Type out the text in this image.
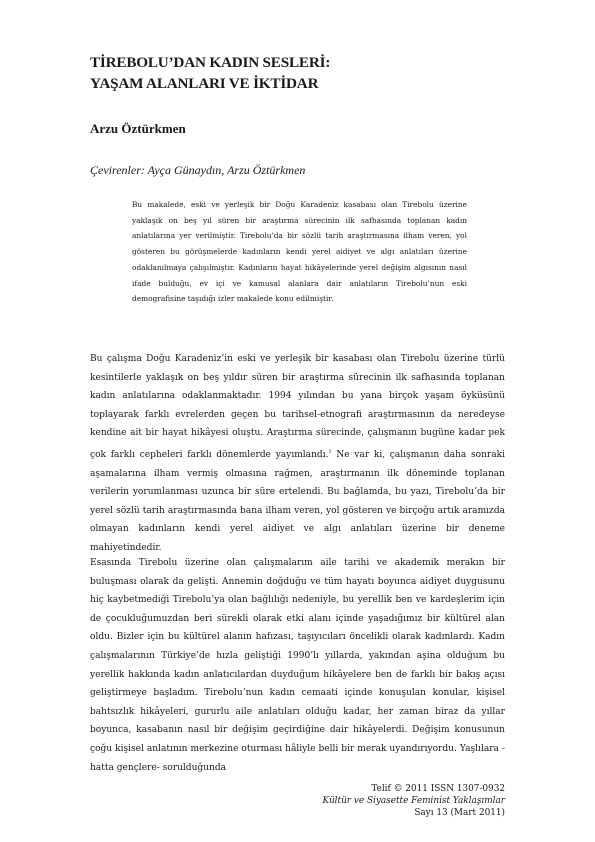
TİREBOLU’DAN KADIN SESLERİ:
YAŞAM ALANLARI VE İKTİDAR
Arzu Öztürkmen
Çevirenler: Ayça Günaydın, Arzu Öztürkmen

Bu makalede, eski ve yerleşik bir Doğu Karadeniz kasabası olan Tirebolu üzerine yaklaşık on beş yıl süren bir araştırma sürecinin ilk safhasında toplanan kadın anlatılarına yer verilmiştir. Tirebolu’da bir sözlü tarih araştırmasına ilham veren, yol gösteren bu görüşmelerde kadınların kendi yerel aidiyet ve algı anlatıları üzerine odaklanılmaya çalışılmıştır. Kadınların hayat hikâyelerinde yerel değişim algısının nasıl ifade bulduğu, ev içi ve kamusal alanlara dair anlatıların Tirebolu’nun eski demografisine taşıdığı izler makalede konu edilmiştir.

Bu çalışma Doğu Karadeniz’in eski ve yerleşik bir kasabası olan Tirebolu üzerine türlü kesintilerle yaklaşık on beş yıldır süren bir araştırma sürecinin ilk safhasında toplanan kadın anlatılarına odaklanmaktadır. 1994 yılından bu yana birçok yaşam öyküsünü toplayarak farklı evrelerden geçen bu tarihsel-etnografi araştırmasının da neredeyse kendine ait bir hayat hikâyesi oluştu. Araştırma sürecinde, çalışmanın bugüne kadar pek çok farklı cepheleri farklı dönemlerde yayımlandı.$^1$ Ne var ki, çalışmanın daha sonraki aşamalarına ilham vermiş olmasına rağmen, araştırmanın ilk döneminde toplanan verilerin yorumlanması uzunca bir süre ertelendi. Bu bağlamda, bu yazı, Tirebolu’da bir yerel sözlü tarih araştırmasında bana ilham veren, yol gösteren ve birçoğu artık aramızda olmayan kadınların kendi yerel aidiyet ve algı anlatıları üzerine bir deneme mahiyetindedir.

Esasında Tirebolu üzerine olan çalışmalarım aile tarihi ve akademik merakın bir buluşması olarak da gelişti. Annemin doğduğu ve tüm hayatı boyunca aidiyet duygusunu hiç kaybetmediği Tirebolu’ya olan bağlılığı nedeniyle, bu yerellik ben ve kardeşlerim için de çocukluğumuzdan beri sürekli olarak etki alanı içinde yaşadığımız bir kültürel alan oldu. Bizler için bu kültürel alanın hafızası, taşıyıcıları öncelikli olarak kadınlardı. Kadın çalışmalarının Türkiye’de hızla geliştiği 1990’lı yıllarda, yakından aşina olduğum bu yerellik hakkında kadın anlatıcılardan duyduğum hikâyelere ben de farklı bir bakış açısı geliştirmeye başladım. Tirebolu’nun kadın cemaati içinde konuşulan konular, kişisel bahtsızlık hikâyeleri, gururlu aile anlatıları olduğu kadar, her zaman biraz da yıllar boyunca, kasabanın nasıl bir değişim geçirdiğine dair hikâyelerdi. Değişim konusunun çoğu kişisel anlatının merkezine oturması hâliyle belli bir merak uyandırıyordu. Yaşlılara -hatta gençlere- sorulduğunda

Telif © 2011 ISSN 1307-0932
Kültür ve Siyasette Feminist Yaklaşımlar
Sayı 13 (Mart 2011)
